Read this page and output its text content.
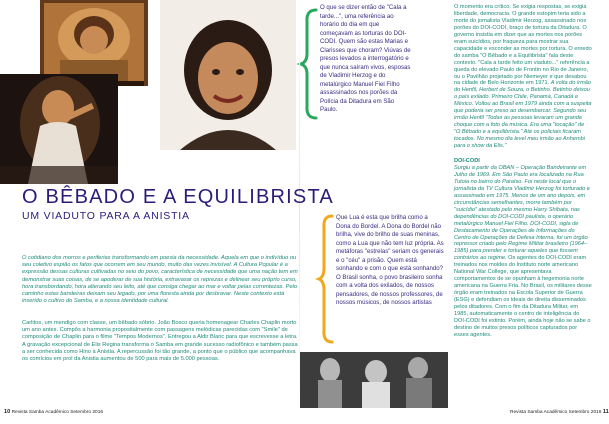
O que se dizer então de "Cala a tarde...", uma referência ao horário do dia em que começavam as torturas do DOI-CODI. Quem são estas Marias e Clarisses que choram? Viúvas de presos levados a interrogatório e que nunca saíram vivos, esposas de Vladimir Herzog e do metalúrgico Manuel Fiel Filho assassinados nos porões da Polícia da Ditadura em São Paulo.
O BÊBADO E A EQUILIBRISTA
UM VIADUTO PARA A ANISTIA	Que Lua é esta que brilha como a Dona do Bordel. A Dona do Bordel não brilha, vive do brilho de suas meninas, como a Lua que não tem luz própria. As metáforas "estrelas" seriam os generais e o "céu" a prisão. Quem está sonhando e com o que está sonhando? O Brasil sonha, o povo brasileiro sonha com a volta dos exilados, de nossos pensadores, de nossos professores, de nossos músicos, de nossos artistas
O cotidiano dos morros e periferias transformando em poesia da necessidade. Aquela em que o indivíduo ou seu coletivo espião os fatos que ocorrem em seu mundo, muito das vezes invisível. A Cultura Popular é a expressão dessas culturas cultivadas no seio do povo, característica de necessidade que uma nação tem em demonstrar suas coisas, de se apoderar de sua história, extravasar os reprezas e delinear seu próprio curso, hora transbordando, hora alterando seu leito, até que consiga chegar ao mar e voltar pelas correntezas. Pelo caminho estas bandeiras deixam seu legado, por uma floresta ainda por desbravar. Neste contexto está inserido o cultivo do Samba, e a nossa identidade cultural.
Carlitos, um mendigo com classe, um bêbado sóbrio. João Bosco queria homenagear Charles Chaplin morto um ano antes. Compôs a harmonia propositalmente com passagens melódicas parecidas com "Smile" de composição de Chaplin para o filme "Tempos Modernos". Entregou a Aldir Blanc para que escrevesse a letra. A gravação excepcional de Elis Regina transforma o Samba em grande sucesso radiofônico e também passa a ser conhecida como Hino à Anistia. A repercussão foi tão grande, a ponto que o público que acompanhava os comícios em prol da Anistia aumentou de 500 para mais de 5.000 pessoas.
O momento era crítico. Se exigia respostas, se exigia liberdade, democracia. O grande estopim teria sido a morte do jornalista Vladimir Herzog, assassinado nos porões do DOI-CODI, braço de tortura da Ditadura. O governo insistia em dizer que as mortes nos porões eram suicídios, por fraqueza para mostrar sua capacidade e esconder as mortes por tortura. O enredo do samba "O Bêbado e a Equilibrista" fala deste contexto. "Cala a tarde feito um viaduto..." referência a queda do elevado Paulo de Frontin no Rio de Janeiro, ou o Pavilhão projetado por Niemeyer e que desabou na cidade de Belo Horizonte em 1971. A volta do irmão do Henfil, Herbert de Souza, o Betinho. Betinho deixou o país exilado. Primeiro Chile, Panamá, Canadá e México. Voltou ao Brasil em 1979 ainda com a suspeita que poderia ser preso ao desembarcar. Segundo seu irmão Henfil "Todas as pessoas levaram um grande choque com a foto da música. Era uma "tocação" de "O Bêbado e a equilibrista." Até os policiais ficaram tocados. No mesmo dia level meu irmão ao Anhembi para o show da Elis."
DOI-CODI
Surgiu a partir da OBAN – Operação Bandeirante em Julho de 1969. Em São Paulo era localizado na Rua Tutoia no bairro do Paraíso. Foi neste local que o jornalista da TV Cultura Vladimir Herzog foi torturado e assassinado em 1975. Menos de um ano depois, em circunstâncias semelhantes, morre também por "suicídio" atestado pelo mesmo Harry Shibata, nas dependências do DOI-CODI paulista, o operário metalúrgico Manuel Fiel Filho. DOI-CODI, sigla de Destacamento de Operações de Informações do Centro de Operações de Defesa Interna, foi um órgão repressor criado pelo Regime Militar brasileiro (1964–1985) para prender e torturar aqueles que fossem contrários ao regime. Os agentes do DOI-CODI eram treinados nos moldes do Instituto norte americano National War College, que apresentava comportamentos de se opunham à hegemonia norte americana na Guerra Fria. No Brasil, os militares desse órgão eram treinados na Escola Superior de Guerra (ESG) e defendiam os ideais de direita disseminados pelos ditadores. Com o fim da Ditadura Militar, em 1985, automaticamente o centro de inteligência do DOI-CODI foi extinto. Porém, ainda hoje não se sabe o destino de muitos presos políticos capturados por esses agentes.
10 Revista Samba Acadêmico Setembro 2016	Revista Samba Acadêmico Setembro 2016 11
